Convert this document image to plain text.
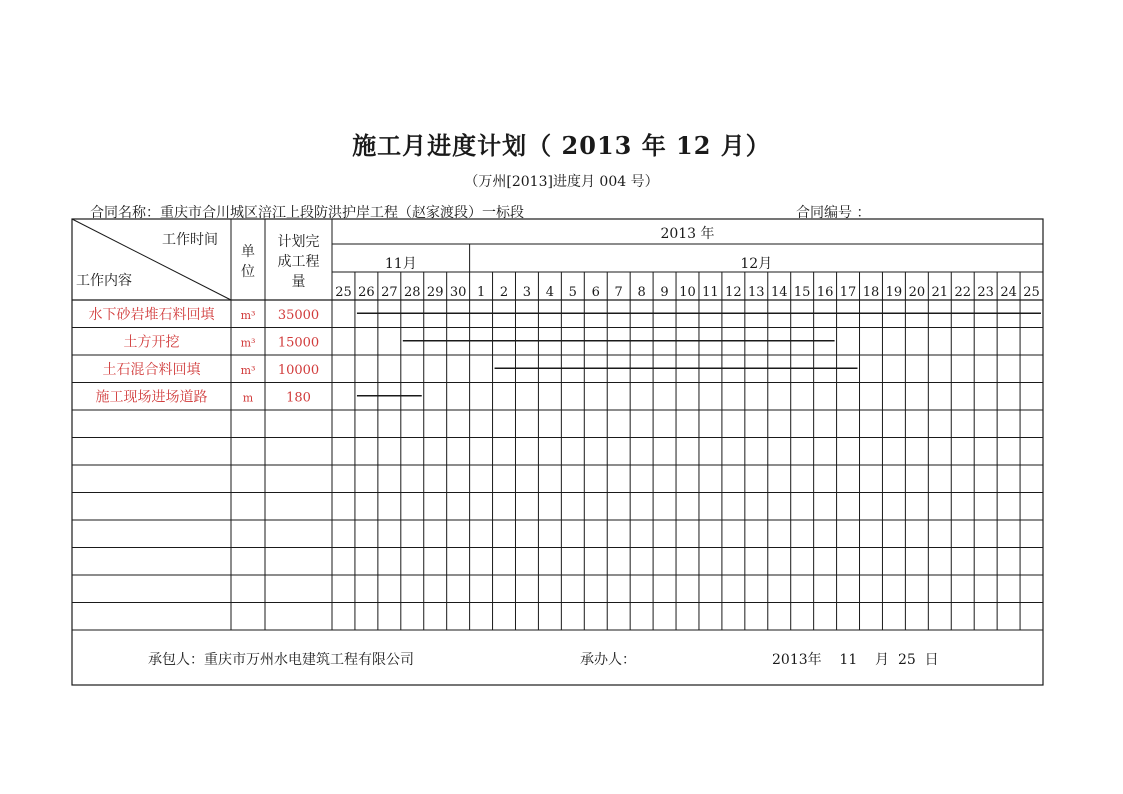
施工月进度计划（ 2013 年 12 月）
（万州[2013]进度月 004 号）
合同名称：重庆市合川城区涪江上段防洪护岸工程（赵家渡段）一标段	合同编号 ：
工作时间
工作内容
单
位
计划完
成工程
量
2013 年
11月	12月
25 26 27 28 29 30 1 2 3 4 5 6 7 8 9 10 11 12 13 14 15 16 17 18 19 20 21 22 23 24 25
水下砂岩堆石料回填 m³ 35000
土方开挖	m³ 15000
土石混合料回填	m³ 10000
施工现场进场道路	m	180
承包人：重庆市万州水电建筑工程有限公司	承办人：	2013年    11    月  25  日
